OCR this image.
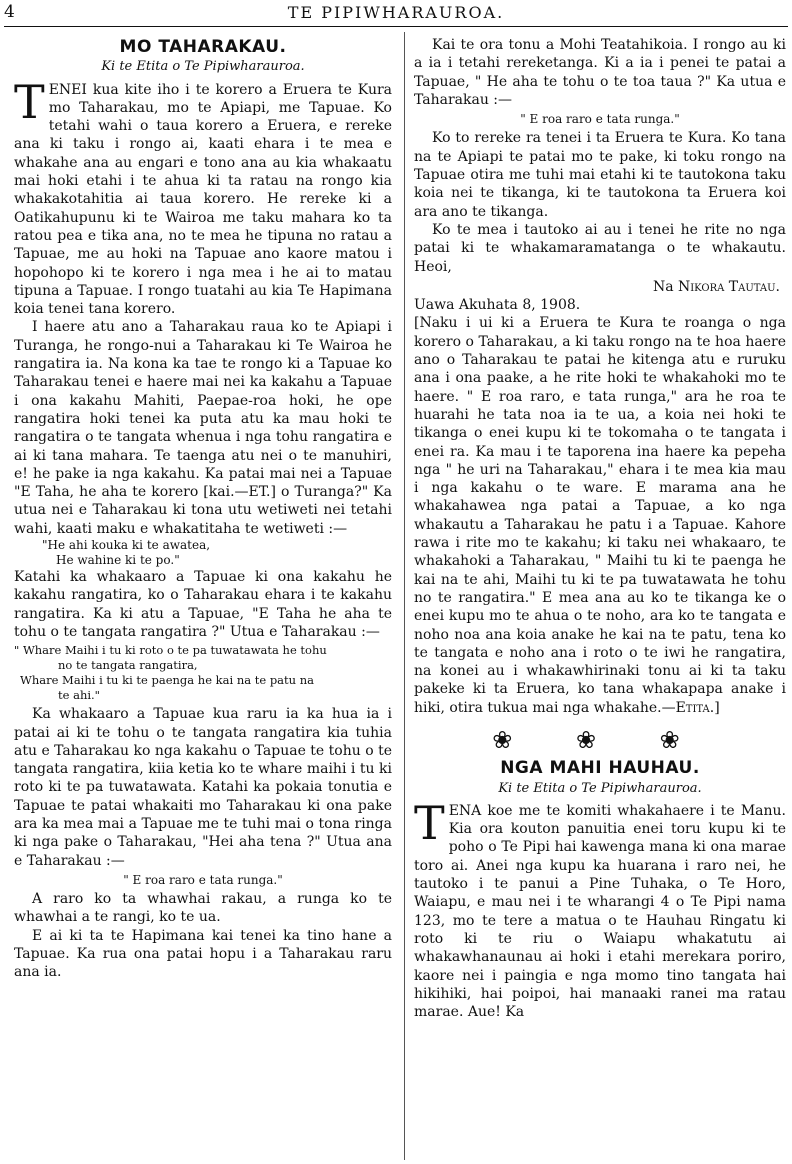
4	TE PIPIWHARAUROA.
MO TAHARAKAU.
Ki te Etita o Te Pipiwharauroa.

TENEI kua kite iho i te korero a Eruera te Kura mo Taharakau, mo te Apiapi, me Tapuae. Ko tetahi wahi o taua korero a Eruera, e rereke ana ki taku i rongo ai, kaati ehara i te mea e whakahe ana au engari e tono ana au kia whakaatu mai hoki etahi i te ahua ki ta ratau na rongo kia whakakotahitia ai taua korero. He rereke ki a Oatikahupunu ki te Wairoa me taku mahara ko ta ratou pea e tika ana, no te mea he tipuna no ratau a Tapuae, me au hoki na Tapuae ano kaore matou i hopohopo ki te korero i nga mea i he ai to matau tipuna a Tapuae. I rongo tuatahi au kia Te Hapimana koia tenei tana korero.

I haere atu ano a Taharakau raua ko te Apiapi i Turanga, he rongo-nui a Taharakau ki Te Wairoa he rangatira ia. Na kona ka tae te rongo ki a Tapuae ko Taharakau tenei e haere mai nei ka kakahu a Tapuae i ona kakahu Mahiti, Paepae-roa hoki, he ope rangatira hoki tenei ka puta atu ka mau hoki te rangatira o te tangata whenua i nga tohu rangatira e ai ki tana mahara. Te taenga atu nei o te manuhiri, e! he pake ia nga kakahu. Ka patai mai nei a Tapuae "E Taha, he aha te korero [kai.—ET.] o Turanga?" Ka utua nei e Taharakau ki tona utu wetiweti nei tetahi wahi, kaati maku e whakatitaha te wetiweti :—

"He ahi kouka ki te awatea,
He wahine ki te po."

Katahi ka whakaaro a Tapuae ki ona kakahu he kakahu rangatira, ko o Taharakau ehara i te kakahu rangatira. Ka ki atu a Tapuae, "E Taha he aha te tohu o te tangata rangatira ?" Utua e Taharakau :—

" Whare Maihi i tu ki roto o te pa tuwatawata he tohu
no te tangata rangatira,
Whare Maihi i tu ki te paenga he kai na te patu na
te ahi."

Ka whakaaro a Tapuae kua raru ia ka hua ia i patai ai ki te tohu o te tangata rangatira kia tuhia atu e Taharakau ko nga kakahu o Tapuae te tohu o te tangata rangatira, kiia ketia ko te whare maihi i tu ki roto ki te pa tuwatawata. Katahi ka pokaia tonutia e Tapuae te patai whakaiti mo Taharakau ki ona pake ara ka mea mai a Tapuae me te tuhi mai o tona ringa ki nga pake o Taharakau, "Hei aha tena ?" Utua ana e Taharakau :—

" E roa raro e tata runga."

A raro ko ta whawhai rakau, a runga ko te whawhai a te rangi, ko te ua.

E ai ki ta te Hapimana kai tenei ka tino hane a Tapuae. Ka rua ona patai hopu i a Taharakau raru ana ia.

Kai te ora tonu a Mohi Teatahikoia. I rongo au ki a ia i tetahi rereketanga. Ki a ia i penei te patai a Tapuae, " He aha te tohu o te toa taua ?" Ka utua e Taharakau :—

" E roa raro e tata runga."

Ko to rereke ra tenei i ta Eruera te Kura. Ko tana na te Apiapi te patai mo te pake, ki toku rongo na Tapuae otira me tuhi mai etahi ki te tautokona taku koia nei te tikanga, ki te tautokona ta Eruera koi ara ano te tikanga.

Ko te mea i tautoko ai au i tenei he rite no nga patai ki te whakamaramatanga o te whakautu. Heoi,

Na Nikora Tautau.

Uawa Akuhata 8, 1908.

[Naku i ui ki a Eruera te Kura te roanga o nga korero o Taharakau, a ki taku rongo na te hoa haere ano o Taharakau te patai he kitenga atu e ruruku ana i ona paake, a he rite hoki te whakahoki mo te haere. " E roa raro, e tata runga," ara he roa te huarahi he tata noa ia te ua, a koia nei hoki te tikanga o enei kupu ki te tokomaha o te tangata i enei ra. Ka mau i te taporena ina haere ka pepeha nga " he uri na Taharakau," ehara i te mea kia mau i nga kakahu o te ware. E marama ana he whakahawea nga patai a Tapuae, a ko nga whakautu a Taharakau he patu i a Tapuae. Kahore rawa i rite mo te kakahu; ki taku nei whakaaro, te whakahoki a Taharakau, " Maihi tu ki te paenga he kai na te ahi, Maihi tu ki te pa tuwatawata he tohu no te rangatira." E mea ana au ko te tikanga ke o enei kupu mo te ahua o te noho, ara ko te tangata e noho noa ana koia anake he kai na te patu, tena ko te tangata e noho ana i roto o te iwi he rangatira, na konei au i whakawhirinaki tonu ai ki ta taku pakeke ki ta Eruera, ko tana whakapapa anake i hiki, otira tukua mai nga whakahe.—Etita.]

❀ ❀ ❀
NGA MAHI HAUHAU.
Ki te Etita o Te Pipiwharauroa.

TENA koe me te komiti whakahaere i te Manu. Kia ora kouton panuitia enei toru kupu ki te poho o Te Pipi hai kawenga mana ki ona marae toro ai. Anei nga kupu ka huarana i raro nei, he tautoko i te panui a Pine Tuhaka, o Te Horo, Waiapu, e mau nei i te wharangi 4 o Te Pipi nama 123, mo te tere a matua o te Hauhau Ringatu ki roto ki te riu o Waiapu whakatutu ai whakawhanaunau ai hoki i etahi merekara poriro, kaore nei i paingia e nga momo tino tangata hai hikihiki, hai poipoi, hai manaaki ranei ma ratau marae. Aue! Ka
